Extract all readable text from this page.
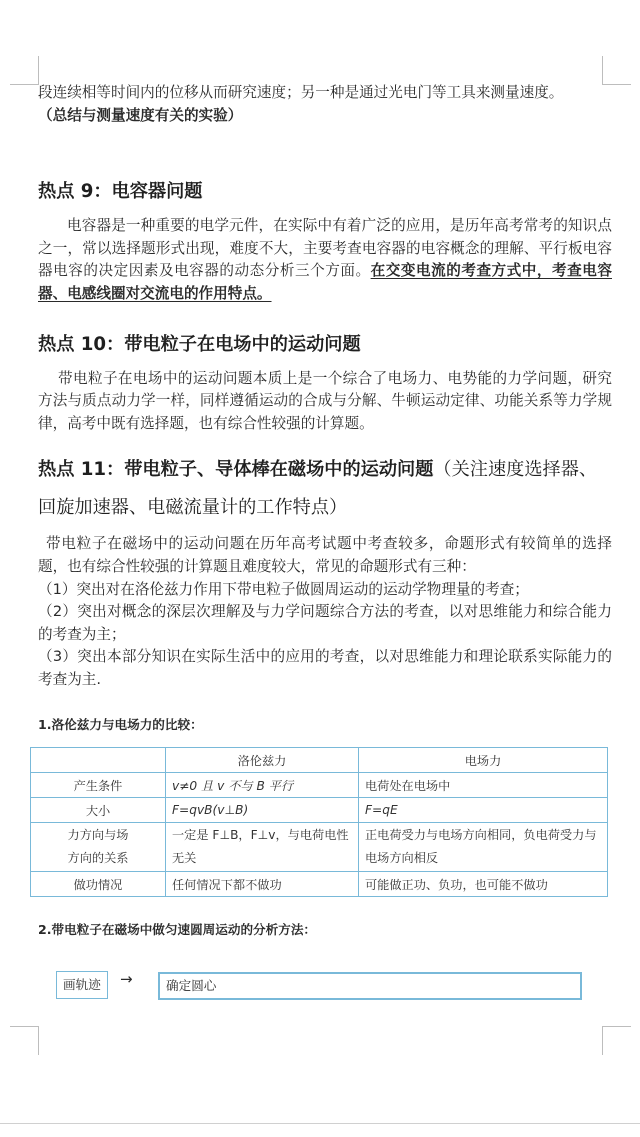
段连续相等时间内的位移从而研究速度；另一种是通过光电门等工具来测量速度。

（总结与测量速度有关的实验）

热点 9：电容器问题

电容器是一种重要的电学元件，在实际中有着广泛的应用，是历年高考常考的知识点之一，常以选择题形式出现，难度不大，主要考查电容器的电容概念的理解、平行板电容器电容的决定因素及电容器的动态分析三个方面。在交变电流的考查方式中，考查电容器、电感线圈对交流电的作用特点。

热点 10：带电粒子在电场中的运动问题

带电粒子在电场中的运动问题本质上是一个综合了电场力、电势能的力学问题，研究方法与质点动力学一样，同样遵循运动的合成与分解、牛顿运动定律、功能关系等力学规律，高考中既有选择题，也有综合性较强的计算题。

热点 11：带电粒子、导体棒在磁场中的运动问题（关注速度选择器、回旋加速器、电磁流量计的工作特点）

带电粒子在磁场中的运动问题在历年高考试题中考查较多，命题形式有较简单的选择题，也有综合性较强的计算题且难度较大，常见的命题形式有三种：

（1）突出对在洛伦兹力作用下带电粒子做圆周运动的运动学物理量的考查；

（2）突出对概念的深层次理解及与力学问题综合方法的考查，以对思维能力和综合能力的考查为主；

（3）突出本部分知识在实际生活中的应用的考查，以对思维能力和理论联系实际能力的考查为主.

1.洛伦兹力与电场力的比较：

	洛伦兹力	电场力
产生条件	v≠0 且 v 不与 B 平行	电荷处在电场中
大小	F=qvB(v⊥B)	F=qE

力方向与场
方向的关系	一定是 F⊥B，F⊥v，与电荷电性无关	正电荷受力与电场方向相同，负电荷受力与电场方向相反
做功情况	任何情况下都不做功	可能做正功、负功，也可能不做功

2.带电粒子在磁场中做匀速圆周运动的分析方法：

画轨迹	→	确定圆心
